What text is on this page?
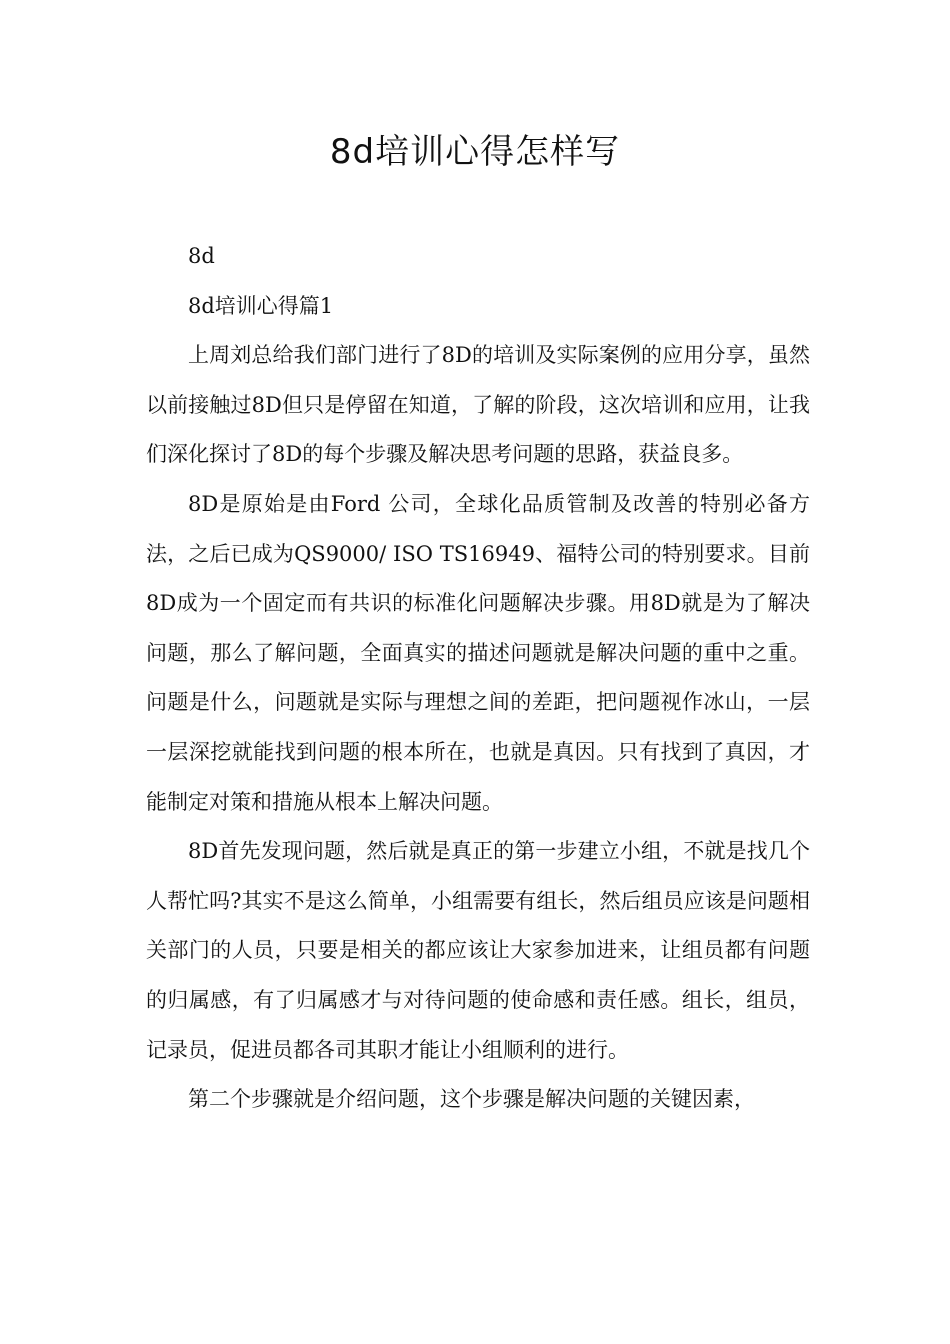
8d培训心得怎样写

8d

8d培训心得篇1

上周刘总给我们部门进行了8D的培训及实际案例的应用分享，虽然以前接触过8D但只是停留在知道，了解的阶段，这次培训和应用，让我们深化探讨了8D的每个步骤及解决思考问题的思路，获益良多。

8D是原始是由Ford 公司，全球化品质管制及改善的特别必备方法，之后已成为QS9000/ ISO TS16949、福特公司的特别要求。目前8D成为一个固定而有共识的标准化问题解决步骤。用8D就是为了解决问题，那么了解问题，全面真实的描述问题就是解决问题的重中之重。问题是什么，问题就是实际与理想之间的差距，把问题视作冰山，一层一层深挖就能找到问题的根本所在，也就是真因。只有找到了真因，才能制定对策和措施从根本上解决问题。

8D首先发现问题，然后就是真正的第一步建立小组，不就是找几个人帮忙吗?其实不是这么简单，小组需要有组长，然后组员应该是问题相关部门的人员，只要是相关的都应该让大家参加进来，让组员都有问题的归属感，有了归属感才与对待问题的使命感和责任感。组长，组员，记录员，促进员都各司其职才能让小组顺利的进行。

第二个步骤就是介绍问题，这个步骤是解决问题的关键因素，
